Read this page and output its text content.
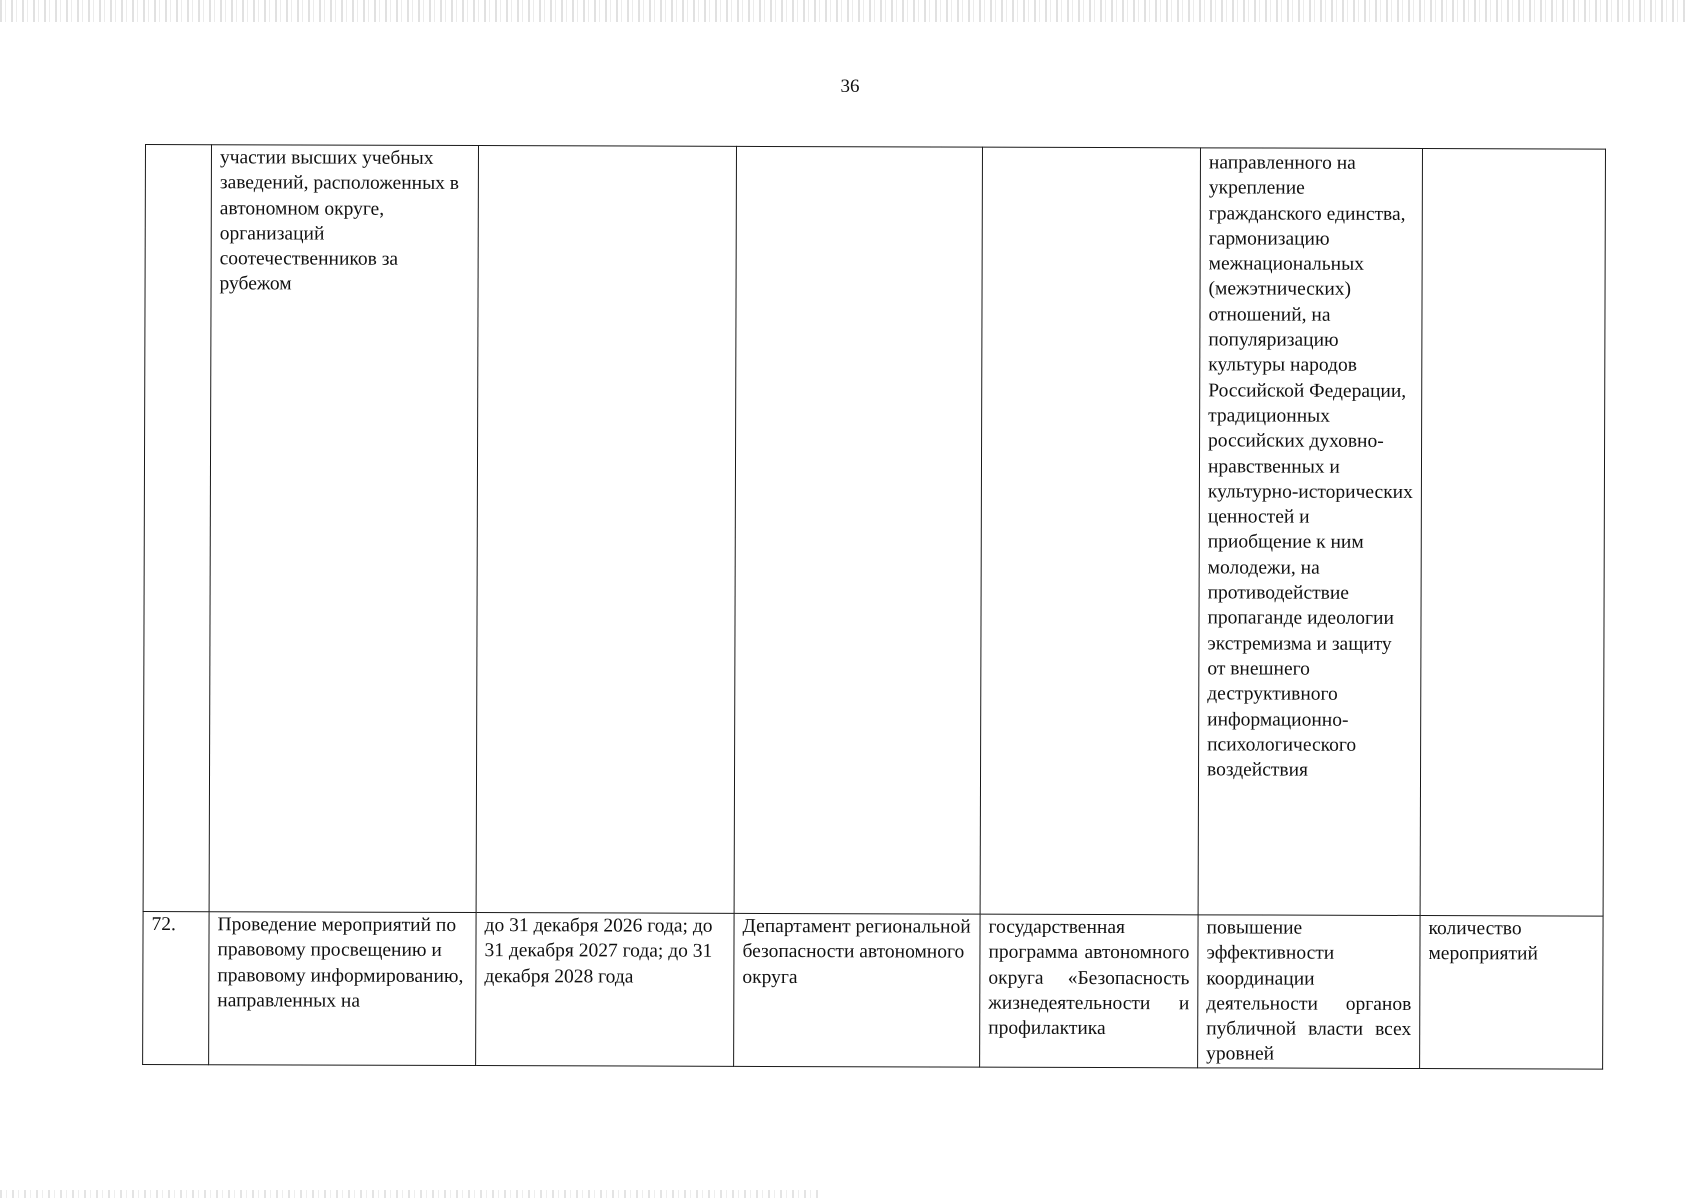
36

	участии высших учебных заведений, расположенных в автономном округе, организаций соотечественников за рубежом				направленного на укрепление гражданского единства, гармонизацию межнациональных (межэтнических) отношений, на популяризацию культуры народов Российской Федерации, традиционных российских духовно-нравственных и культурно-исторических ценностей и приобщение к ним молодежи, на противодействие пропаганде идеологии экстремизма и защиту от внешнего деструктивного информационно-психологического воздействия	

72.	Проведение мероприятий по правовому просвещению и правовому информированию, направленных на	до 31 декабря 2026 года; до 31 декабря 2027 года; до 31 декабря 2028 года	Департамент региональной безопасности автономного округа	государственная программа автономного округа «Безопасность жизнедеятельности и профилактика	повышение эффективности координации деятельности органов публичной власти всех уровней	количество мероприятий
